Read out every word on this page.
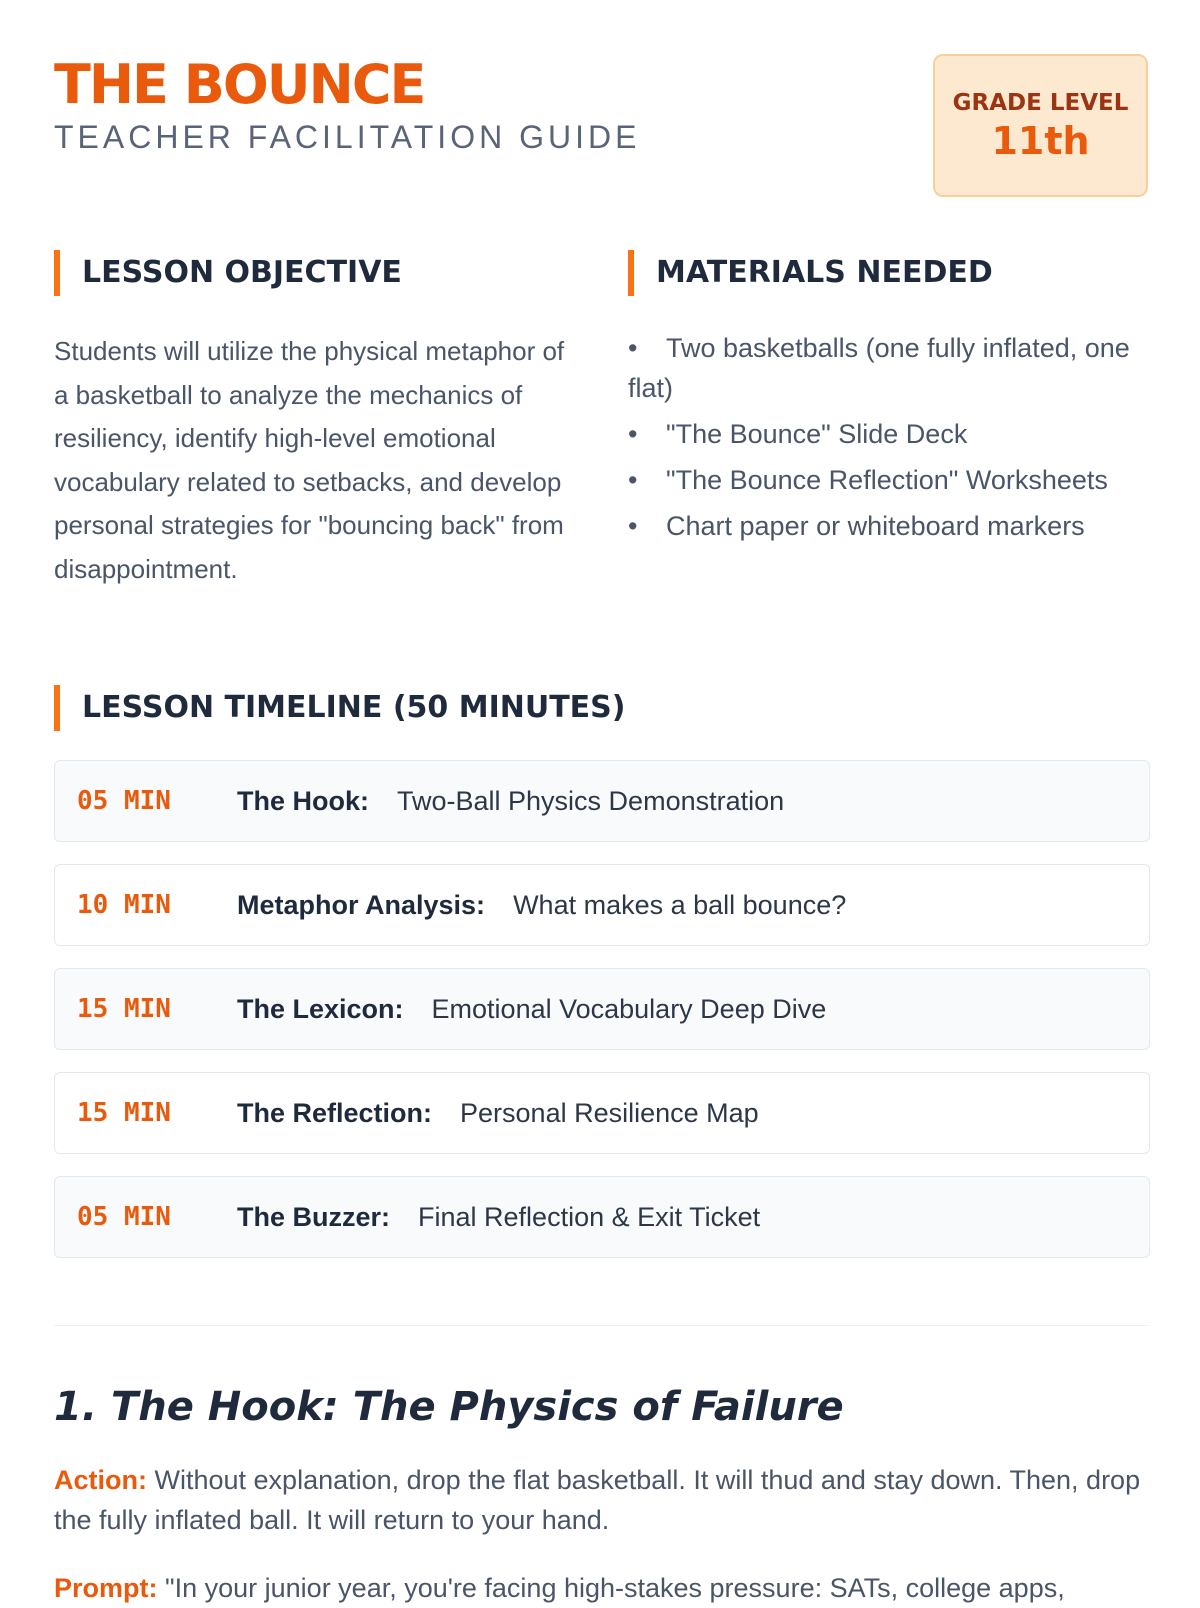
THE BOUNCE
TEACHER FACILITATION GUIDE
GRADE LEVEL
11th
LESSON OBJECTIVE

Students will utilize the physical metaphor of a basketball to analyze the mechanics of resiliency, identify high-level emotional vocabulary related to setbacks, and develop personal strategies for "bouncing back" from disappointment.

MATERIALS NEEDED
• Two basketballs (one fully inflated, one flat)
• "The Bounce" Slide Deck
• "The Bounce Reflection" Worksheets
• Chart paper or whiteboard markers
LESSON TIMELINE (50 MINUTES)
05 MIN	The Hook: Two-Ball Physics Demonstration
10 MIN	Metaphor Analysis: What makes a ball bounce?
15 MIN	The Lexicon: Emotional Vocabulary Deep Dive
15 MIN	The Reflection: Personal Resilience Map
05 MIN	The Buzzer: Final Reflection & Exit Ticket
1. The Hook: The Physics of Failure

Action: Without explanation, drop the flat basketball. It will thud and stay down. Then, drop the fully inflated ball. It will return to your hand.

Prompt: "In your junior year, you're facing high-stakes pressure: SATs, college apps,
